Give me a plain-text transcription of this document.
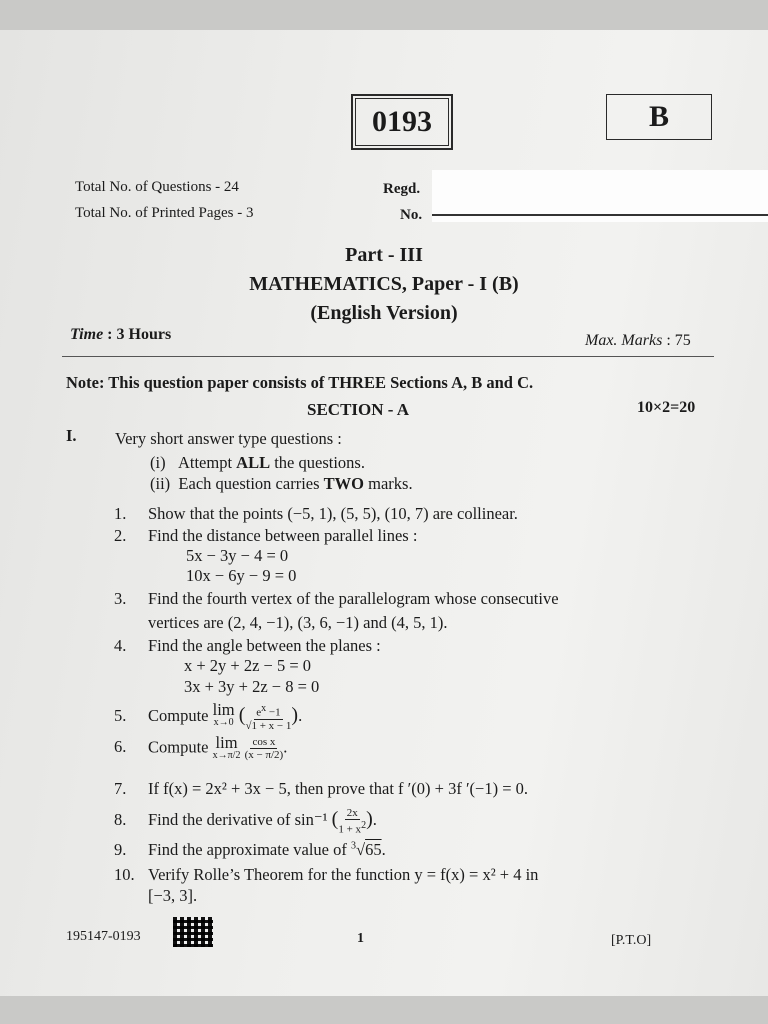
0193	B
Total No. of Questions - 24
Total No. of Printed Pages - 3
Regd.
No.
Part - III
MATHEMATICS, Paper - I (B)
(English Version)
Time : 3 Hours	Max. Marks : 75
Note: This question paper consists of THREE Sections A, B and C.
SECTION - A	10×2=20
I. Very short answer type questions :
(i) Attempt ALL the questions.
(ii) Each question carries TWO marks.
1. Show that the points (−5, 1), (5, 5), (10, 7) are collinear.
2. Find the distance between parallel lines :
5x − 3y − 4 = 0
10x − 6y − 9 = 0
3. Find the fourth vertex of the parallelogram whose consecutive
vertices are (2, 4, −1), (3, 6, −1) and (4, 5, 1).
4. Find the angle between the planes :
x + 2y + 2z − 5 = 0
3x + 3y + 2z − 8 = 0
5. Compute lim
x→0 ( $\frac{e^x -1}{√1 + x - 1}$ ).
6. Compute lim
x→π/2
$\frac{\text{cos x}}{(x - \pi/2)}$ .
7. If f(x) = 2x² + 3x − 5, then prove that f ′(0) + 3f ′(−1) = 0.
8. Find the derivative of sin⁻¹ ( $\frac{2x}{1 + x^2}$ ).
9. Find the approximate value of $^3$√65.
10. Verify Rolle’s Theorem for the function y = f(x) = x² + 4 in
[−3, 3].
195147-0193	1	[P.T.O]
